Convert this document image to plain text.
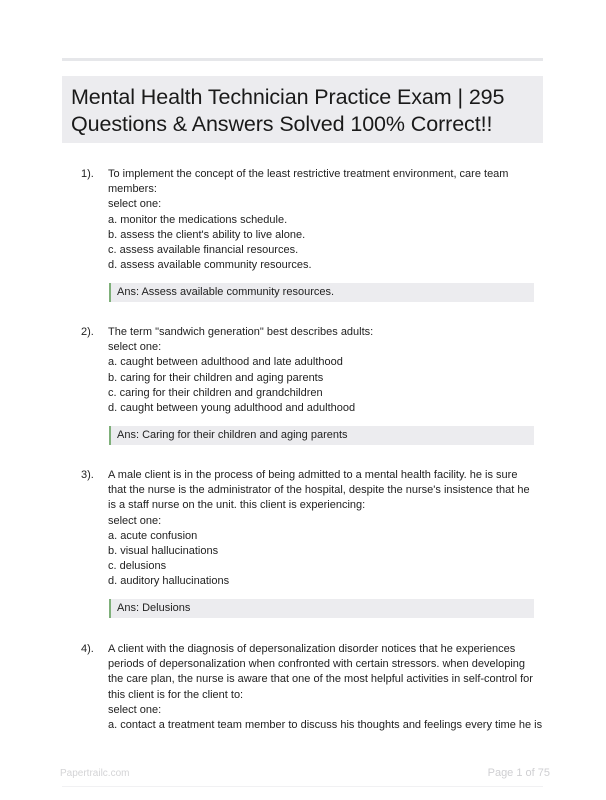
Mental Health Technician Practice Exam | 295 Questions & Answers Solved 100% Correct!!
1). To implement the concept of the least restrictive treatment environment, care team members:
select one:
a. monitor the medications schedule.
b. assess the client's ability to live alone.
c. assess available financial resources.
d. assess available community resources.
Ans: Assess available community resources.
2). The term "sandwich generation" best describes adults:
select one:
a. caught between adulthood and late adulthood
b. caring for their children and aging parents
c. caring for their children and grandchildren
d. caught between young adulthood and adulthood
Ans: Caring for their children and aging parents
3). A male client is in the process of being admitted to a mental health facility. he is sure that the nurse is the administrator of the hospital, despite the nurse's insistence that he is a staff nurse on the unit. this client is experiencing:
select one:
a. acute confusion
b. visual hallucinations
c. delusions
d. auditory hallucinations
Ans: Delusions
4). A client with the diagnosis of depersonalization disorder notices that he experiences periods of depersonalization when confronted with certain stressors. when developing the care plan, the nurse is aware that one of the most helpful activities in self-control for this client is for the client to:
select one:
a. contact a treatment team member to discuss his thoughts and feelings every time he is
Papertrailc.com	Page 1 of 75
